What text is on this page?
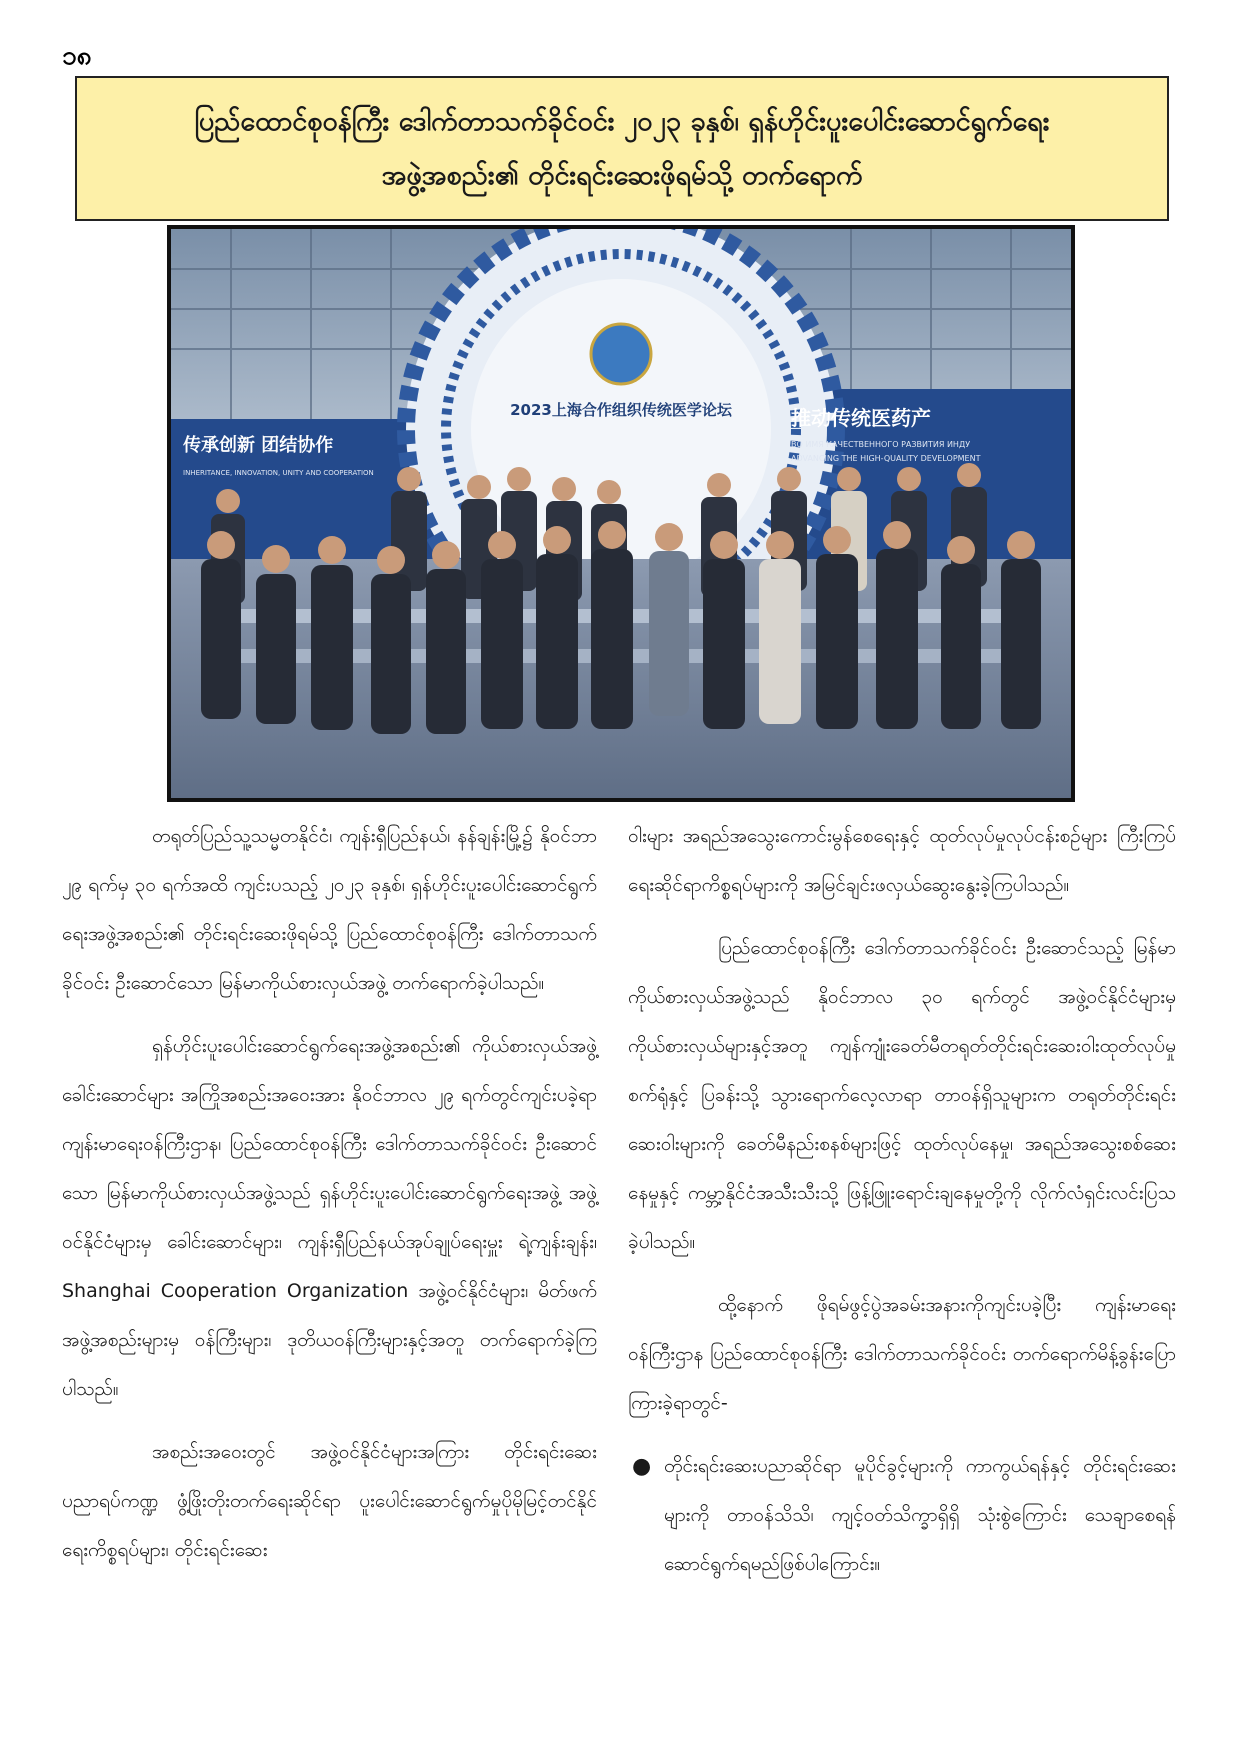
၁၈
ပြည်ထောင်စုဝန်ကြီး ဒေါက်တာသက်ခိုင်ဝင်း ၂၀၂၃ ခုနှစ်၊ ရှန်ဟိုင်းပူးပေါင်းဆောင်ရွက်ရေး
အဖွဲ့အစည်း၏ တိုင်းရင်းဆေးဖိုရမ်သို့ တက်ရောက်
2023上海合作组织传统医学论坛
传承创新 团结协作
INHERITANCE, INNOVATION, UNITY AND COOPERATION
推动传统医药产
ВО ИМЯ КАЧЕСТВЕННОГО РАЗВИТИЯ ИНДУ
ADVANCING THE HIGH-QUALITY DEVELOPMENT

တရုတ်ပြည်သူ့သမ္မတနိုင်ငံ၊ ကျန်းရှီပြည်နယ်၊ နန်ချန်းမြို့၌ နိုဝင်ဘာ ၂၉ ရက်မှ ၃၀ ရက်အထိ ကျင်းပသည့် ၂၀၂၃ ခုနှစ်၊ ရှန်ဟိုင်းပူးပေါင်းဆောင်ရွက်ရေးအဖွဲ့အစည်း၏ တိုင်းရင်းဆေးဖိုရမ်သို့ ပြည်ထောင်စုဝန်ကြီး ဒေါက်တာသက်ခိုင်ဝင်း ဦးဆောင်သော မြန်မာကိုယ်စားလှယ်အဖွဲ့ တက်ရောက်ခဲ့ပါသည်။

ရှန်ဟိုင်းပူးပေါင်းဆောင်ရွက်ရေးအဖွဲ့အစည်း၏ ကိုယ်စားလှယ်အဖွဲ့ခေါင်းဆောင်များ အကြိုအစည်းအဝေးအား နိုဝင်ဘာလ ၂၉ ရက်တွင်ကျင်းပခဲ့ရာ ကျန်းမာရေးဝန်ကြီးဌာန၊ ပြည်ထောင်စုဝန်ကြီး ဒေါက်တာသက်ခိုင်ဝင်း ဦးဆောင်သော မြန်မာကိုယ်စားလှယ်အဖွဲ့သည် ရှန်ဟိုင်းပူးပေါင်းဆောင်ရွက်ရေးအဖွဲ့ အဖွဲ့ဝင်နိုင်ငံများမှ ခေါင်းဆောင်များ၊ ကျန်းရှီပြည်နယ်အုပ်ချုပ်ရေးမှူး ရဲ့ကျန်းချန်း၊ Shanghai Cooperation Organization အဖွဲ့ဝင်နိုင်ငံများ၊ မိတ်ဖက်အဖွဲ့အစည်းများမှ ဝန်ကြီးများ၊ ဒုတိယဝန်ကြီးများနှင့်အတူ တက်ရောက်ခဲ့ကြပါသည်။

အစည်းအဝေးတွင် အဖွဲ့ဝင်နိုင်ငံများအကြား တိုင်းရင်းဆေးပညာရပ်ကဏ္ဍ ဖွံ့ဖြိုးတိုးတက်ရေးဆိုင်ရာ ပူးပေါင်းဆောင်ရွက်မှုပိုမိုမြင့်တင်နိုင်ရေးကိစ္စရပ်များ၊ တိုင်းရင်းဆေး

ဝါးများ အရည်အသွေးကောင်းမွန်စေရေးနှင့် ထုတ်လုပ်မှုလုပ်ငန်းစဉ်များ ကြီးကြပ်ရေးဆိုင်ရာကိစ္စရပ်များကို အမြင်ချင်းဖလှယ်ဆွေးနွေးခဲ့ကြပါသည်။

ပြည်ထောင်စုဝန်ကြီး ဒေါက်တာသက်ခိုင်ဝင်း ဦးဆောင်သည့် မြန်မာကိုယ်စားလှယ်အဖွဲ့သည် နိုဝင်ဘာလ ၃၀ ရက်တွင် အဖွဲ့ဝင်နိုင်ငံများမှ ကိုယ်စားလှယ်များနှင့်အတူ ကျန်ကျုံးခေတ်မီတရုတ်တိုင်းရင်းဆေးဝါးထုတ်လုပ်မှုစက်ရုံနှင့် ပြခန်းသို့ သွားရောက်လေ့လာရာ တာဝန်ရှိသူများက တရုတ်တိုင်းရင်းဆေးဝါးများကို ခေတ်မီနည်းစနစ်များဖြင့် ထုတ်လုပ်နေမှု၊ အရည်အသွေးစစ်ဆေးနေမှုနှင့် ကမ္ဘာ့နိုင်ငံအသီးသီးသို့ ဖြန့်ဖြူးရောင်းချနေမှုတို့ကို လိုက်လံရှင်းလင်းပြသခဲ့ပါသည်။

ထို့နောက် ဖိုရမ်ဖွင့်ပွဲအခမ်းအနားကိုကျင်းပခဲ့ပြီး ကျန်းမာရေးဝန်ကြီးဌာန ပြည်ထောင်စုဝန်ကြီး ဒေါက်တာသက်ခိုင်ဝင်း တက်ရောက်မိန့်ခွန်းပြောကြားခဲ့ရာတွင်-

● တိုင်းရင်းဆေးပညာဆိုင်ရာ မူပိုင်ခွင့်များကို ကာကွယ်ရန်နှင့် တိုင်းရင်းဆေးများကို တာဝန်သိသိ၊ ကျင့်ဝတ်သိက္ခာရှိရှိ သုံးစွဲကြောင်း သေချာစေရန် ဆောင်ရွက်ရမည်ဖြစ်ပါကြောင်း။
